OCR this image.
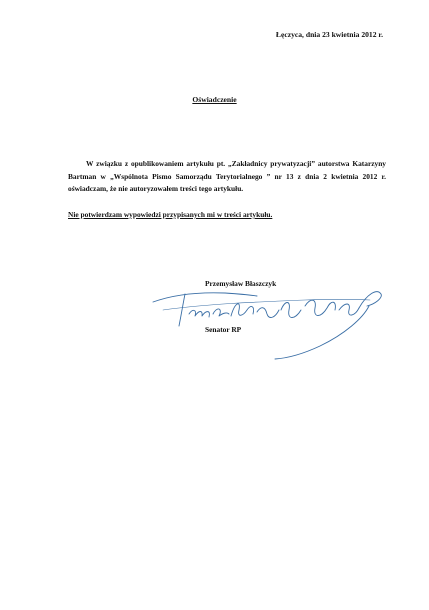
Łęczyca, dnia 23 kwietnia 2012 r.
Oświadczenie

W związku z opublikowaniem artykułu pt. „Zakładnicy prywatyzacji” autorstwa Katarzyny Bartman w „Wspólnota Pismo Samorządu Terytorialnego ” nr 13 z dnia 2 kwietnia 2012 r. oświadczam, że nie autoryzowałem treści tego artykułu.

Nie potwierdzam wypowiedzi przypisanych mi w treści artykułu.
Przemysław Błaszczyk
Senator RP
